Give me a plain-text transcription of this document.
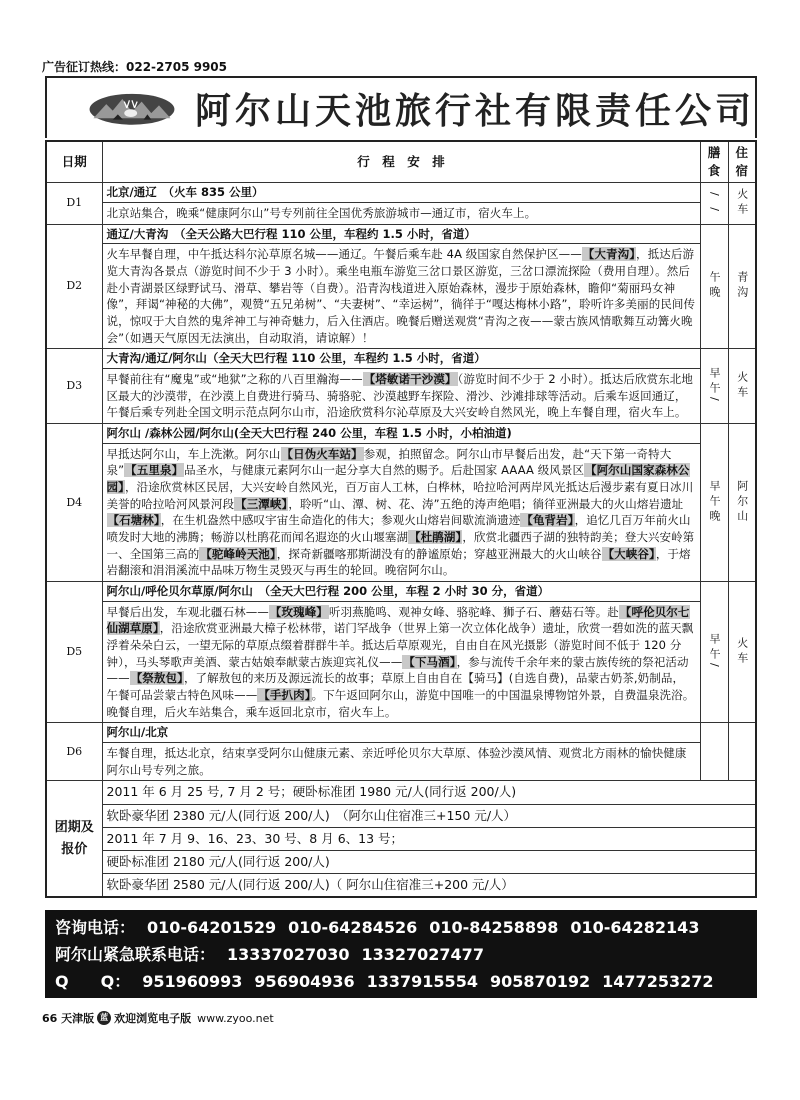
广告征订热线：022-2705 9905
阿尔山天池旅行社有限责任公司
日期	行　程　安　排	膳食	住宿
D1	北京/通辽　（火车 835 公里）	/ /	火车
	北京站集合，晚乘“健康阿尔山”号专列前往全国优秀旅游城市—通辽市，宿火车上。		
D2	通辽/大青沟　（全天公路大巴行程 110 公里，车程约 1.5 小时，省道）	午晚	青沟
	火车早餐自理，中午抵达科尔沁草原名城——通辽。午餐后乘车赴 4A 级国家自然保护区——【大青沟】，抵达后游览大青沟各景点（游览时间不少于 3 小时）。乘坐电瓶车游览三岔口景区游览，三岔口漂流探险（费用自理）。然后赴小青湖景区绿野试马、滑草、攀岩等（自费）。沿青沟栈道进入原始森林，漫步于原始森林，瞻仰“菊丽玛女神像”，拜谒“神秘的大佛”，观赞“五兄弟树”、“夫妻树”、“幸运树”，徜徉于“嘎达梅林小路”，聆听许多美丽的民间传说，惊叹于大自然的鬼斧神工与神奇魅力，后入住酒店。晚餐后赠送观赏“青沟之夜——蒙古族风情歌舞互动篝火晚会”（如遇天气原因无法演出，自动取消，请谅解）！		
D3	大青沟/通辽/阿尔山（全天大巴行程 110 公里，车程约 1.5 小时，省道）	早午/	火车
	早餐前往有“魔鬼”或“地狱”之称的八百里瀚海——【塔敏诺干沙漠】（游览时间不少于 2 小时）。抵达后欣赏东北地区最大的沙漠带，在沙漠上自费进行骑马、骑骆驼、沙漠越野车探险、滑沙、沙滩排球等活动。后乘车返回通辽，午餐后乘专列赴全国文明示范点阿尔山市，沿途欣赏科尔沁草原及大兴安岭自然风光，晚上车餐自理，宿火车上。		
D4	阿尔山 /森林公园/阿尔山(全天大巴行程 240 公里，车程 1.5 小时，小柏油道)	早午晚	阿尔山
	早抵达阿尔山，车上洗漱。阿尔山【日伪火车站】参观，拍照留念。阿尔山市早餐后出发，赴“天下第一奇特大泉”【五里泉】品圣水，与健康元素阿尔山一起分享大自然的赐予。后赴国家 AAAA 级风景区【阿尔山国家森林公园】，沿途欣赏林区民居，大兴安岭自然风光，百万亩人工林，白桦林，哈拉哈河两岸风光抵达后漫步素有夏日冰川美誉的哈拉哈河风景河段【三潭峡】，聆听“山、潭、树、花、涛”五绝的涛声绝唱；徜徉亚洲最大的火山熔岩遗址【石塘林】，在生机盎然中感叹宇宙生命造化的伟大；参观火山熔岩间歇流淌遗迹【龟背岩】，追忆几百万年前火山喷发时大地的沸腾；畅游以杜鹃花而闻名遐迩的火山堰塞湖【杜鹃湖】，欣赏北疆西子湖的独特韵美；登大兴安岭第一、全国第三高的【驼峰岭天池】，探奇新疆喀那斯湖没有的静谧原始；穿越亚洲最大的火山峡谷【大峡谷】，于熔岩翻滚和涓涓溪流中品味万物生灵毁灭与再生的轮回。晚宿阿尔山。		
D5	阿尔山/呼伦贝尔草原/阿尔山　（全天大巴行程 200 公里，车程 2 小时 30 分，省道）	早午/	火车
	早餐后出发，车观北疆石林——【玫瑰峰】听羽燕脆鸣、观神女峰、骆驼峰、狮子石、蘑菇石等。赴【呼伦贝尔七仙湖草原】，沿途欣赏亚洲最大樟子松林带，诺门罕战争（世界上第一次立体化战争）遗址，欣赏一碧如洗的蓝天飘浮着朵朵白云，一望无际的草原点缀着群群牛羊。抵达后草原观光，自由自在风光摄影（游览时间不低于 120 分钟），马头琴歌声美酒、蒙古姑娘奉献蒙古族迎宾礼仪——【下马酒】，参与流传千余年来的蒙古族传统的祭祀活动——【祭敖包】，了解敖包的来历及源远流长的故事；草原上自由自在【骑马】(自选自费)，品蒙古奶茶,奶制品，午餐可品尝蒙古特色风味——【手扒肉】。下午返回阿尔山，游览中国唯一的中国温泉博物馆外景，自费温泉洗浴。晚餐自理，后火车站集合，乘车返回北京市，宿火车上。		
D6	阿尔山/北京		
	车餐自理，抵达北京，结束享受阿尔山健康元素、亲近呼伦贝尔大草原、体验沙漠风情、观赏北方雨林的愉快健康阿尔山号专列之旅。		
团期及报价	2011 年 6 月 25 号, 7 月 2 号；硬卧标准团 1980 元/人(同行返 200/人)		
	软卧豪华团 2380 元/人(同行返 200/人)　（阿尔山住宿准三+150 元/人）		
	2011 年 7 月 9、16、23、30 号、8 月 6、13 号；		
	硬卧标准团 2180 元/人(同行返 200/人)		
	软卧豪华团 2580 元/人(同行返 200/人)（ 阿尔山住宿准三+200 元/人）		
咨询电话： 010-64201529 010-64284526 010-84258898 010-64282143
阿尔山紧急联系电话： 13337027030 13327027477
Q　　Q： 951960993 956904936 1337915554 905870192 1477253272
66 天津版 蓝 欢迎浏览电子版 www.zyoo.net
